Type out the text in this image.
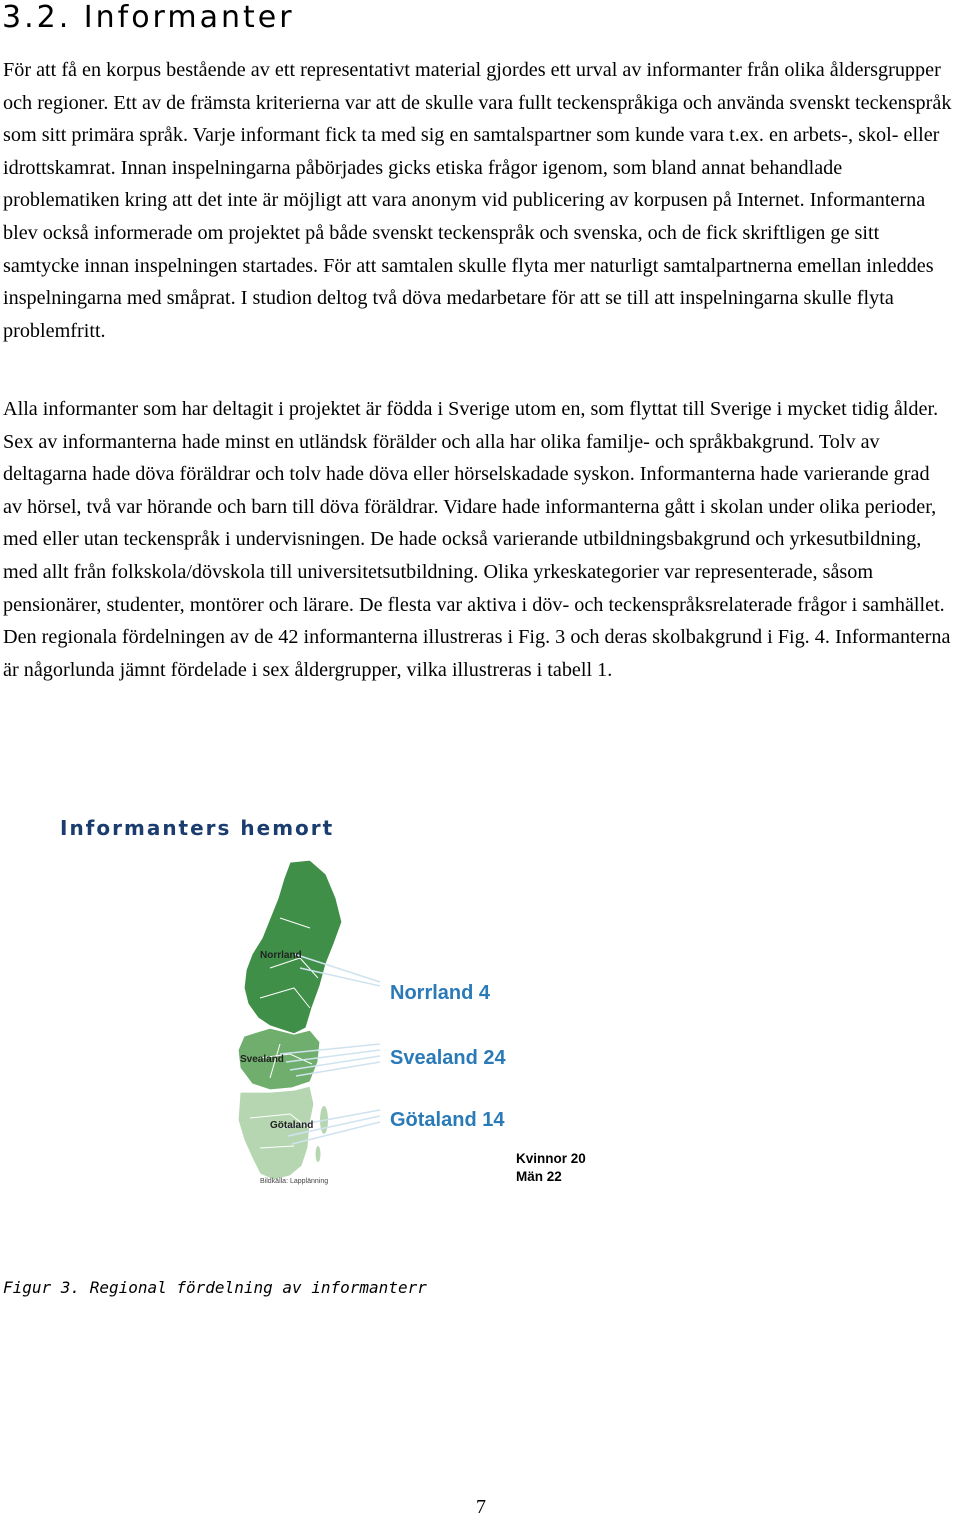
3.2. Informanter

För att få en korpus bestående av ett representativt material gjordes ett urval av informanter från olika åldersgrupper och regioner. Ett av de främsta kriterierna var att de skulle vara fullt teckenspråkiga och använda svenskt teckenspråk som sitt primära språk. Varje informant fick ta med sig en samtalspartner som kunde vara t.ex. en arbets-, skol- eller idrottskamrat. Innan inspelningarna påbörjades gicks etiska frågor igenom, som bland annat behandlade problematiken kring att det inte är möjligt att vara anonym vid publicering av korpusen på Internet. Informanterna blev också informerade om projektet på både svenskt teckenspråk och svenska, och de fick skriftligen ge sitt samtycke innan inspelningen startades. För att samtalen skulle flyta mer naturligt samtalpartnerna emellan inleddes inspelningarna med småprat. I studion deltog två döva medarbetare för att se till att inspelningarna skulle flyta problemfritt.

Alla informanter som har deltagit i projektet är födda i Sverige utom en, som flyttat till Sverige i mycket tidig ålder. Sex av informanterna hade minst en utländsk förälder och alla har olika familje- och språkbakgrund. Tolv av deltagarna hade döva föräldrar och tolv hade döva eller hörselskadade syskon. Informanterna hade varierande grad av hörsel, två var hörande och barn till döva föräldrar. Vidare hade informanterna gått i skolan under olika perioder, med eller utan teckenspråk i undervisningen. De hade också varierande utbildningsbakgrund och yrkesutbildning, med allt från folkskola/dövskola till universitetsutbildning. Olika yrkeskategorier var representerade, såsom pensionärer, studenter, montörer och lärare. De flesta var aktiva i döv- och teckenspråksrelaterade frågor i samhället. Den regionala fördelningen av de 42 informanterna illustreras i Fig. 3 och deras skolbakgrund i Fig. 4. Informanterna är någorlunda jämnt fördelade i sex åldergrupper, vilka illustreras i tabell 1.

Informanters hemort
Norrland
Svealand
Götaland
Bildkälla: Lapplänning
Norrland 4
Svealand 24
Götaland 14
Kvinnor 20
Män 22
Figur 3. Regional fördelning av informanterr
7
